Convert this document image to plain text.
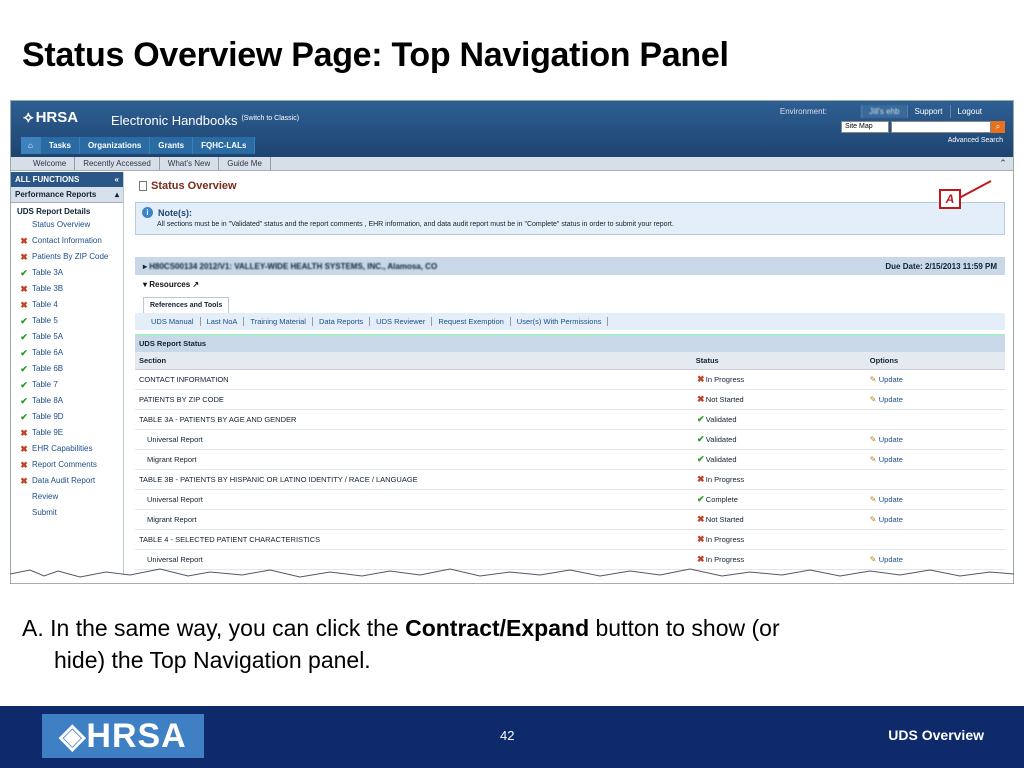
Status Overview Page: Top Navigation Panel
⟡ HRSA	Electronic Handbooks $^{(Switch to Classic)}$
Environment:	Jill's ehb	Support	Logout
Site Map	⌕
Advanced Search
⌂	Tasks	Organizations	Grants	FQHC-LALs
Welcome	Recently Accessed	What's New	Guide Me	⌃
ALL FUNCTIONS	«
Performance Reports ▴
UDS Report Details
Status Overview
✖ Contact Information
✖ Patients By ZIP Code
✔ Table 3A
✖ Table 3B
✖ Table 4
✔ Table 5
✔ Table 5A
✔ Table 6A
✔ Table 6B
✔ Table 7
✔ Table 8A
✔ Table 9D
✖ Table 9E
✖ EHR Capabilities
✖ Report Comments
✖ Data Audit Report
Review
Submit
Status Overview
A
i	Note(s):
All sections must be in "Validated" status and the report comments , EHR information, and data audit report must be in "Complete" status in order to submit your report.
▸ H80CS00134 2012/V1: VALLEY-WIDE HEALTH SYSTEMS, INC., Alamosa, CO	Due Date: 2/15/2013 11:59 PM
▾ Resources ↗
References and Tools
UDS Manual	Last NoA	Training Material	Data Reports	UDS Reviewer	Request Exemption	User(s) With Permissions
UDS Report Status
Section	Status	Options
CONTACT INFORMATION	✖In Progress	✎ Update
PATIENTS BY ZIP CODE	✖Not Started	✎ Update
TABLE 3A - PATIENTS BY AGE AND GENDER	✔Validated	
Universal Report	✔Validated	✎ Update
Migrant Report	✔Validated	✎ Update
TABLE 3B - PATIENTS BY HISPANIC OR LATINO IDENTITY / RACE / LANGUAGE	✖In Progress	
Universal Report	✔Complete	✎ Update
Migrant Report	✖Not Started	✎ Update
TABLE 4 - SELECTED PATIENT CHARACTERISTICS	✖In Progress	
Universal Report	✖In Progress	✎ Update
A. In the same way, you can click the Contract/Expand button to show (or
hide) the Top Navigation panel.
◈HRSA	42	UDS Overview
